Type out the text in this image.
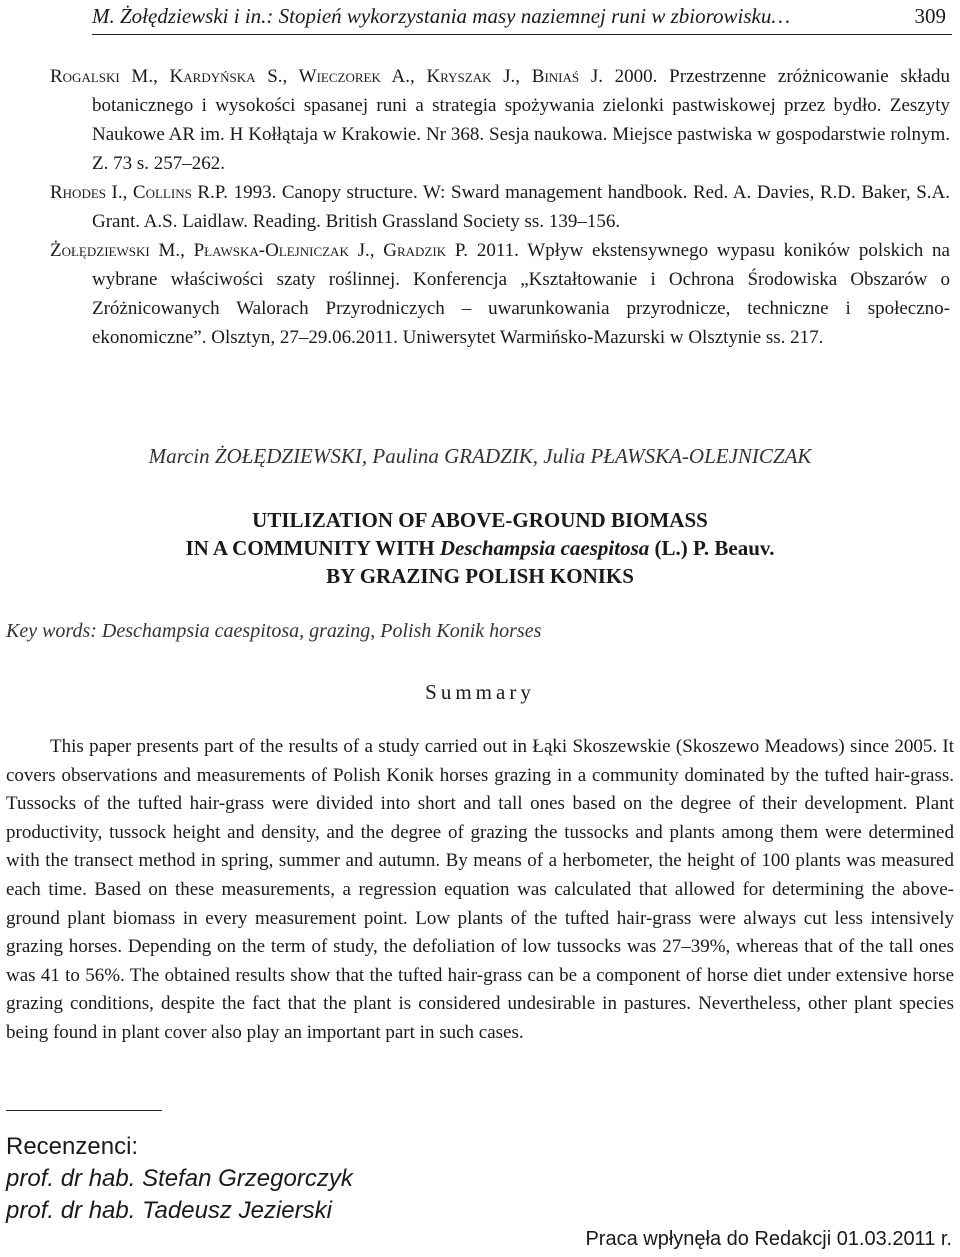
M. Żołędziewski i in.: Stopień wykorzystania masy naziemnej runi w zbiorowisku…	309

Rogalski M., Kardyńska S., Wieczorek A., Kryszak J., Biniaś J. 2000. Przestrzenne zróżnicowanie składu botanicznego i wysokości spasanej runi a strategia spożywania zielonki pastwiskowej przez bydło. Zeszyty Naukowe AR im. H Kołłątaja w Krakowie. Nr 368. Sesja naukowa. Miejsce pastwiska w gospodarstwie rolnym. Z. 73 s. 257–262.

Rhodes I., Collins R.P. 1993. Canopy structure. W: Sward management handbook. Red. A. Davies, R.D. Baker, S.A. Grant. A.S. Laidlaw. Reading. British Grassland Society ss. 139–156.

Żołędziewski M., Pławska-Olejniczak J., Gradzik P. 2011. Wpływ ekstensywnego wypasu koników polskich na wybrane właściwości szaty roślinnej. Konferencja „Kształtowanie i Ochrona Środowiska Obszarów o Zróżnicowanych Walorach Przyrodniczych – uwarunkowania przyrodnicze, techniczne i społeczno-ekonomiczne”. Olsztyn, 27–29.06.2011. Uniwersytet Warmińsko-Mazurski w Olsztynie ss. 217.

Marcin ŻOŁĘDZIEWSKI, Paulina GRADZIK, Julia PŁAWSKA-OLEJNICZAK
UTILIZATION OF ABOVE-GROUND BIOMASS
IN A COMMUNITY WITH Deschampsia caespitosa (L.) P. Beauv.
BY GRAZING POLISH KONIKS
Key words: Deschampsia caespitosa, grazing, Polish Konik horses
Summary

This paper presents part of the results of a study carried out in Łąki Skoszewskie (Skoszewo Meadows) since 2005. It covers observations and measurements of Polish Konik horses grazing in a community dominated by the tufted hair-grass. Tussocks of the tufted hair-grass were divided into short and tall ones based on the degree of their development. Plant productivity, tussock height and density, and the degree of grazing the tussocks and plants among them were determined with the transect method in spring, summer and autumn. By means of a herbometer, the height of 100 plants was measured each time. Based on these measurements, a regression equation was calculated that allowed for determining the above-ground plant biomass in every measurement point. Low plants of the tufted hair-grass were always cut less intensively grazing horses. Depending on the term of study, the defoliation of low tussocks was 27–39%, whereas that of the tall ones was 41 to 56%. The obtained results show that the tufted hair-grass can be a component of horse diet under extensive horse grazing conditions, despite the fact that the plant is considered undesirable in pastures. Nevertheless, other plant species being found in plant cover also play an important part in such cases.

Recenzenci:
prof. dr hab. Stefan Grzegorczyk
prof. dr hab. Tadeusz Jezierski
Praca wpłynęła do Redakcji 01.03.2011 r.
